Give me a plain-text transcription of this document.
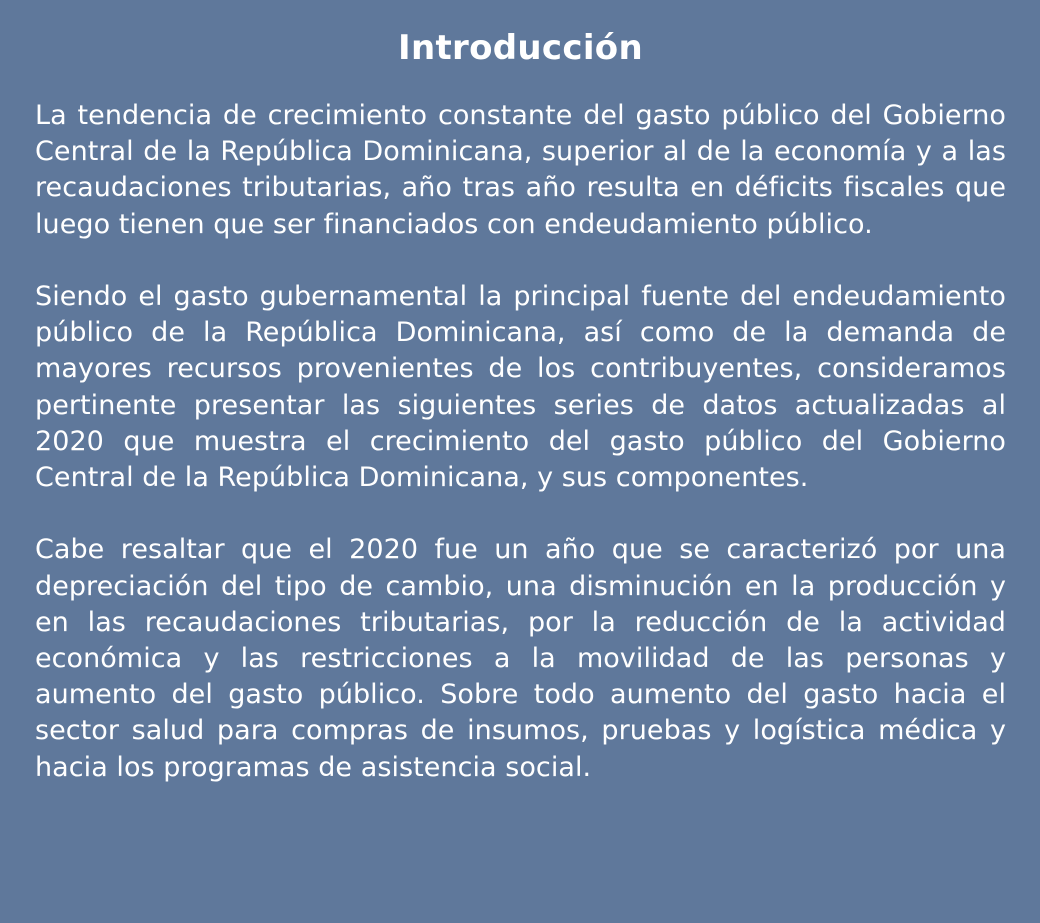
Introducción

La tendencia de crecimiento constante del gasto público del Gobierno Central de la República Dominicana, superior al de la economía y a las recaudaciones tributarias, año tras año resulta en déficits fiscales que luego tienen que ser financiados con endeudamiento público.

Siendo el gasto gubernamental la principal fuente del endeudamiento público de la República Dominicana, así como de la demanda de mayores recursos provenientes de los contribuyentes, consideramos pertinente presentar las siguientes series de datos actualizadas al 2020 que muestra el crecimiento del gasto público del Gobierno Central de la República Dominicana, y sus componentes.

Cabe resaltar que el 2020 fue un año que se caracterizó por una depreciación del tipo de cambio, una disminución en la producción y en las recaudaciones tributarias, por la reducción de la actividad económica y las restricciones a la movilidad de las personas y aumento del gasto público. Sobre todo aumento del gasto hacia el sector salud para compras de insumos, pruebas y logística médica y hacia los programas de asistencia social.
